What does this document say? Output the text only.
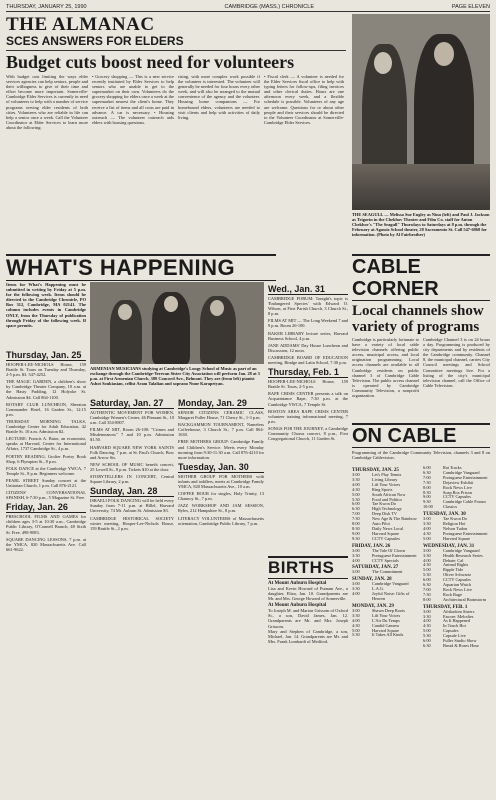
THURSDAY, JANUARY 25, 1990	CAMBRIDGE (MASS.) CHRONICLE	PAGE ELEVEN
THE ALMANAC
SCES ANSWERS FOR ELDERS
Budget cuts boost need for volunteers
With budget cuts limiting the ways elder services agencies can help seniors, people and their willingness to give of their time and effort become more important. Somerville-Cambridge Elder Services is currently in need of volunteers to help with a number of service programs serving elder residents of both cities. Volunteers who are reliable in life can help a senior once a week. Call the Volunteer Coordinator at Elder Services to learn more about the following:
• Grocery shopping — This is a new service recently instituted by Elder Services to help seniors who are unable to get to the supermarket on their own. Volunteers do the grocery shopping for elders once a week at the supermarket nearest the client's home. They receive a list of items and all costs are paid in advance. A car is necessary. • Housing outreach — The volunteer outreach aids elders with housing questions.
rising, with more complex work possible if the volunteer is interested. The volunteer will generally be needed for four hours every other week, and will also be arranged to the mutual convenience of the agency and the volunteer. Housing home companions — For homebound elders, volunteers are needed to visit clients and help with activities of daily living.
• Fiscal clerk — A volunteer is needed for the Elder Services fiscal office to help with typing letters for follow-ups, filing invoices and other clerical duties. Hours are one afternoon every week, and a flexible schedule is possible. Volunteers of any age are welcome. Questions for or about other people and their services should be directed to the Volunteer Coordinator at Somerville-Cambridge Elder Services.
THE SEAGULL — Melissa Sue Engley as Nina (left) and Paul J. Jackson as Trigorin in the Chekhov Theater and Film Co. staff for Anton Chekhov's "The Seagull" Thursdays to Saturdays at 8 p.m. through the February at Agassiz School theater, 28 Sacramento St. Call 547-6868 for information. (Photo by Al Fairbrother)
WHAT'S HAPPENING	CABLE CORNER
Local channels show variety of programs
Cambridge is particularly fortunate to have a variety of local cable television channels offering public access, municipal access, and local origination programming. Local access channels are available to all Cambridge residents on public channel 3 of Cambridge Cable Television. The public access channel is operated by Cambridge Community Television, a nonprofit organization.
Cambridge Channel 3 is on 24 hours a day. Programming is produced by city departments and by residents of the Cambridge community. Channel 8, the municipal channel, carries City Council meetings and School Committee meetings live. For a listing of the city's municipal television channel, call the Office of Cable Television.
ON CABLE
Programming of the Cambridge Community Television, channels 3 and 8 on Cambridge Cablevision.
THURSDAY, JAN. 25
3:00	Let's Play Tennis
3:30	Living Library
4:00	Lift Your Voices
4:30	Ring Sports
5:00	South African Now
5:30	Food and Politics
6:00	Tae Kwon Do
6:30	High Technology
7:00	Deep Dish TV
7:30	New Age & The Rainbow
8:00	Auto Pilot
8:30	Daily News Local
9:00	Harvard Square
9:30	CCTV Capsules
FRIDAY, JAN. 26
3:00	The Tale Of Clown
3:30	Portuguese Entertainment
4:00	CCTV Specials
SATURDAY, JAN. 27
3:00	The Commitment
SUNDAY, JAN. 28
3:00	Cambridge Vanguard
3:30	L.A.G.
4:00	Joyful Noise: Gifts of Heaven
MONDAY, JAN. 29
3:00	Shawn Deep Roots
3:30	Lift Your Voices
4:00	L'Air Du Temps
4:30	Candid Camera
5:00	Harvard Square
5:30	It Takes All Kinds
6:00	Rat Tracks
6:30	Cambridge Vanguard
7:00	Portuguese Entertainment
7:30	Dejaview Exhibit
8:00	Rock News Live
8:30	Soap Box Prison
9:00	CCTV Capsules
9:30	Cambridge Cable Forum
10:00	Classics
TUESDAY, JAN. 30
3:00	Tae Kwon Do
3:30	Religion Hot
4:00	Nelson Tudon
4:30	Portuguese Entertainment
5:00	Harvard Square
WEDNESDAY, JAN. 31
3:00	Cambridge Vanguard
3:30	Health Research Series
4:00	Debate: Cal
4:30	Animal Rights
5:00	Ripple Tide
5:30	Oliver Schwartz
6:00	CCTV Capsules
6:30	Aquarian Watch
7:00	Rock News Live
7:30	Rock Rage
8:00	Architectural Brainstorm
THURSDAY, FEB. 1
3:00	Afrikadom Sisters
3:30	Encore: Melodies
4:00	As It Happened
4:30	In Touch Hot
5:00	Capsules
5:30	Capsule Live
6:00	Fuller Studio Show
6:30	Bread & Roses Hour
Items for What's Happening must be submitted in writing by Friday at 5 p.m. for the following week. Items should be directed to the Cambridge Chronicle, PO Box 312, Cambridge, MA 02141. The column includes events in Cambridge ONLY, from the Thursday of publication through Friday of the following week. If space permits.
ARMENIAN MUSICIANS studying at Cambridge's Longy School of Music as part of an exchange through the Cambridge-Yerevan Sister City Association will perform Jan. 28 at 3 p.m. at First Armenian Church, 380 Concord Ave., Belmont. They are (from left) pianist Ashot Soukiasian, cellist Aram Talalian and soprano Nune Karapetyan.
Thursday, Jan. 25
HOOPER-LEE-NICHOLS House, 159 Brattle St. Tours on Tuesday and Thursday, 2-5 p.m. $3. 547-4252.
THE MAGIC GARDEN, a children's show by Cambridge Theater Company, 10 a.m. at the Hasty Pudding, 12 Holyoke St. Admission $4. Call 864-1100.
ROTARY CLUB LUNCHEON, Sheraton Commander Hotel, 16 Garden St., 12:15 p.m.
THURSDAY MORNING TALKS, Cambridge Center for Adult Education, 42 Brattle St. 10 a.m. Admission $2.
LECTURE: Francis A. Bator, an economist, speaks at Harvard, Center for International Affairs, 1737 Cambridge St., 4 p.m.
POETRY READING, Grolier Poetry Book Shop, 6 Plympton St., 8 p.m.
FOLK DANCE at the Cambridge YWCA, 7 Temple St., 8 p.m. Beginners welcome.
PEARL STREET Sunday concert at the Unitarian Church, 1 p.m. Call 876-2121.
CITIZENS' CONVERSATIONAL SPANISH, 6-7:30 p.m., 5 Magazine St. Free.
Friday, Jan. 26
PRESCHOOL FILMS AND GAMES for children ages 3-5 at 10:30 a.m., Cambridge Public Library, O'Connell Branch, 48 Sixth St. Free. 498-9083.
SQUARE DANCING LESSONS, 7 p.m. at the YMCA, 820 Massachusetts Ave. Call 661-9622.
Saturday, Jan. 27
AUTHENTIC MOVEMENT FOR WOMEN, Cambridge Women's Center, 46 Pleasant St., 10 a.m. Call 354-8807.
FILMS AT MIT, Room 26-100: "Crimes and Misdemeanors" 7 and 10 p.m. Admission $1.50.
HARVARD SQUARE NEW YORK SAINTS Folk Dancing, 7 p.m. at St. Paul's Church, Bow and Arrow Sts.
NEW SCHOOL OF MUSIC benefit concert, 25 Lowell St., 8 p.m. Tickets $10 at the door.
STORYTELLERS IN CONCERT, Central Square Library, 2 p.m.
Sunday, Jan. 28
ISRAELI FOLK DANCING will be held every Sunday from 7-11 p.m. at Hillel, Harvard University, 74 Mt. Auburn St. Admission $3.
CAMBRIDGE HISTORICAL SOCIETY winter meeting, Hooper-Lee-Nichols House, 159 Brattle St., 2 p.m.
Monday, Jan. 29
SENIOR CITIZENS CERAMIC CLASS, Margaret Fuller House, 71 Cherry St., 1-3 p.m.
BACKGAMMON TOURNAMENT, Nameless Coffeehouse, 3 Church St., 7 p.m. Call 864-1630.
FREE MOTHERS GROUP: Cambridge Family and Children's Service. Meets every Monday morning from 9:30-11:30 a.m. Call 876-4210 for more information.
Tuesday, Jan. 30
MOTHER GROUP FOR MOTHERS with infants and toddlers, meets at Cambridge Family YMCA, 820 Massachusetts Ave., 10 a.m.
COFFEE HOUR for singles, Holy Trinity, 13 Chauncy St., 7 p.m.
JAZZ WORKSHOP AND JAM SESSION, Ryles, 212 Hampshire St., 8 p.m.
LITERACY VOLUNTEERS of Massachusetts orientation, Cambridge Public Library, 7 p.m.
Wed., Jan. 31
CAMBRIDGE FORUM: Tonight's topic is 'Endangered Species' with Edward O. Wilson, at First Parish Church, 3 Church St., 8 p.m.
FILMS AT MIT — The Long Weekend 7 and 9 p.m. Room 26-100.
BAKER LIBRARY lecture series, Harvard Business School, 4 p.m.
JANE ADDAMS' Day House Luncheon and Discussion, 12 noon.
CAMBRIDGE BOARD OF EDUCATION meeting, Rindge and Latin School, 7:30 p.m.
Thursday, Feb. 1
HOOPER-LEE-NICHOLS House, 159 Brattle St. Tours, 2-5 p.m.
RAPE CRISIS CENTER presents a talk on Acquaintance Rape, 7:30 p.m. at the Cambridge YWCA, 7 Temple St.
BOSTON AREA RAPE CRISIS CENTER volunteer training informational meeting, 7 p.m.
SONGS FOR THE JOURNEY, a Cambridge Community Chorus concert, 8 p.m., First Congregational Church, 11 Garden St.
BIRTHS
At Mount Auburn Hospital
Lisa and Kevin Howard of Putnam Ave., a daughter, Eliza, Jan. 10. Grandparents are Mr. and Mrs. George Howard of Somerville.
At Mount Auburn Hospital
To Joseph M. and Marion Grissom of Oxford St., a son, David James, Jan. 12. Grandparents are Mr. and Mrs. Joseph Grissom.
Mary and Stephen of Cambridge, a son, Michael, Jan. 14. Grandparents are Mr. and Mrs. Frank Lombardi of Medford.
